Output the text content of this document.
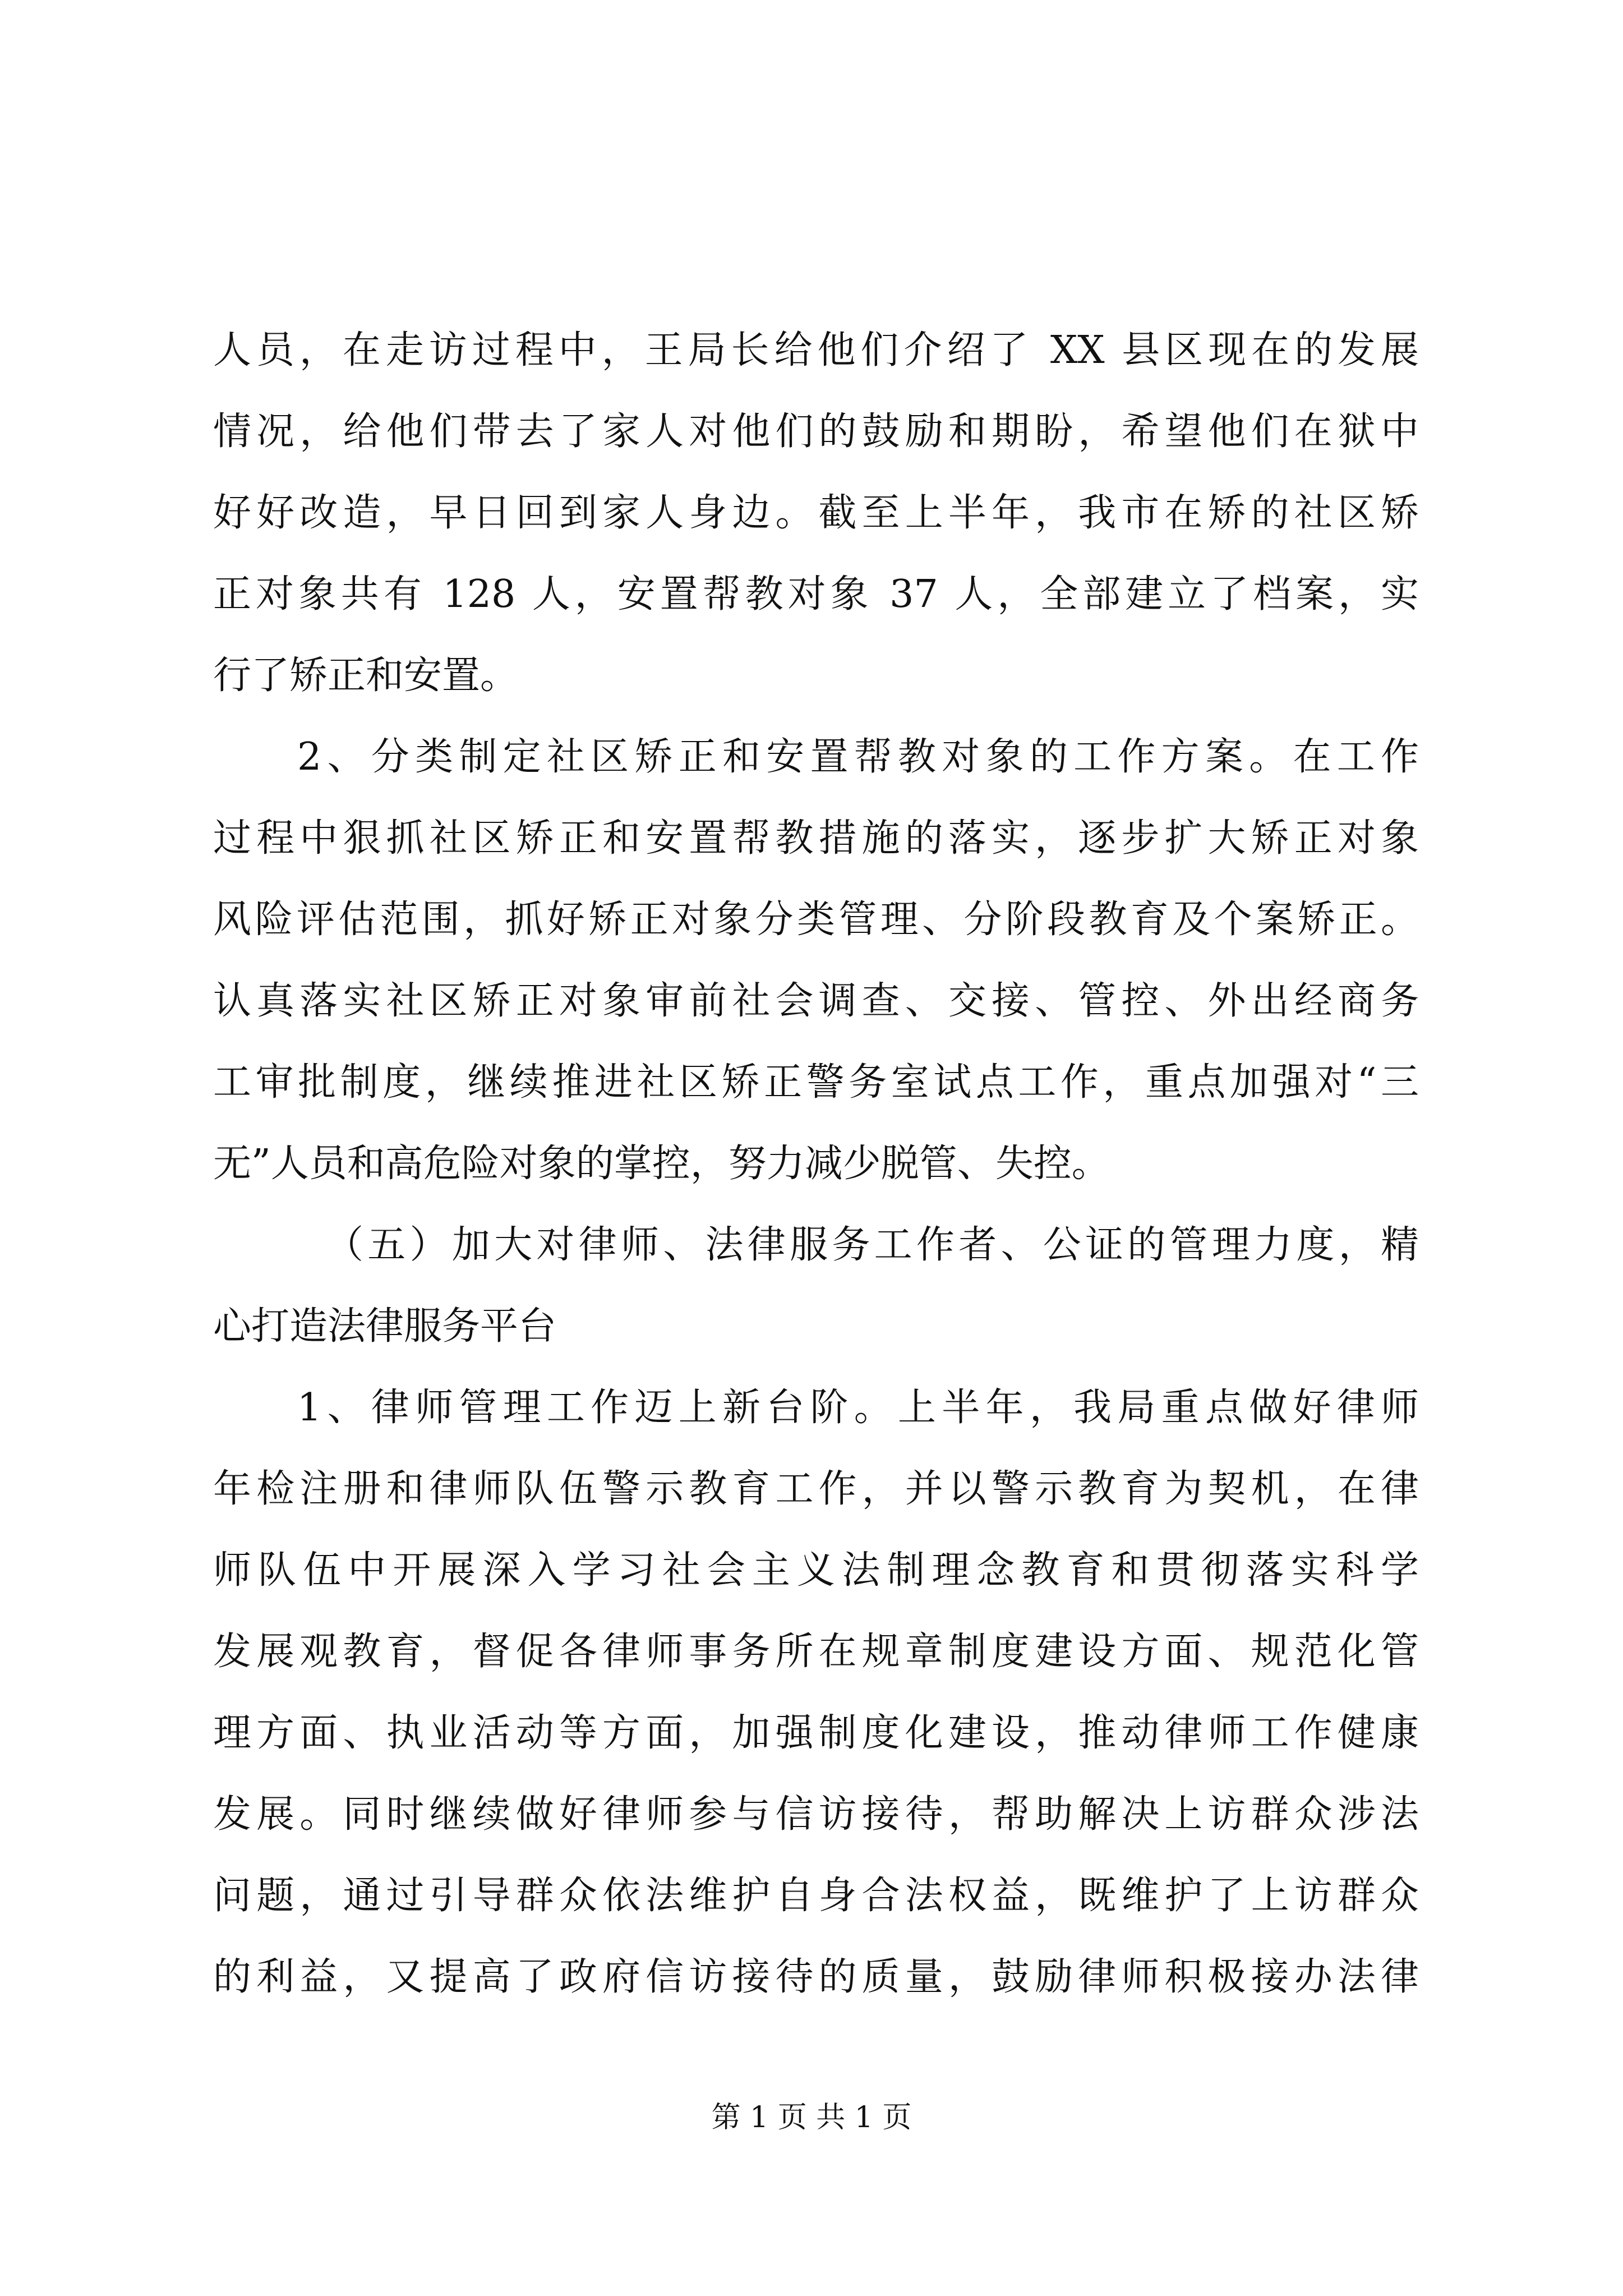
人员，在走访过程中，王局长给他们介绍了 XX 县区现在的发展
情况，给他们带去了家人对他们的鼓励和期盼，希望他们在狱中
好好改造，早日回到家人身边。截至上半年，我市在矫的社区矫
正对象共有 128 人，安置帮教对象 37 人，全部建立了档案，实
行了矫正和安置。
2、分类制定社区矫正和安置帮教对象的工作方案。在工作
过程中狠抓社区矫正和安置帮教措施的落实，逐步扩大矫正对象
风险评估范围，抓好矫正对象分类管理、分阶段教育及个案矫正。
认真落实社区矫正对象审前社会调查、交接、管控、外出经商务
工审批制度，继续推进社区矫正警务室试点工作，重点加强对“三
无”人员和高危险对象的掌控，努力减少脱管、失控。
（五）加大对律师、法律服务工作者、公证的管理力度，精
心打造法律服务平台
1、律师管理工作迈上新台阶。上半年，我局重点做好律师
年检注册和律师队伍警示教育工作，并以警示教育为契机，在律
师队伍中开展深入学习社会主义法制理念教育和贯彻落实科学
发展观教育，督促各律师事务所在规章制度建设方面、规范化管
理方面、执业活动等方面，加强制度化建设，推动律师工作健康
发展。同时继续做好律师参与信访接待，帮助解决上访群众涉法
问题，通过引导群众依法维护自身合法权益，既维护了上访群众
的利益，又提高了政府信访接待的质量，鼓励律师积极接办法律
第 1 页 共 1 页
